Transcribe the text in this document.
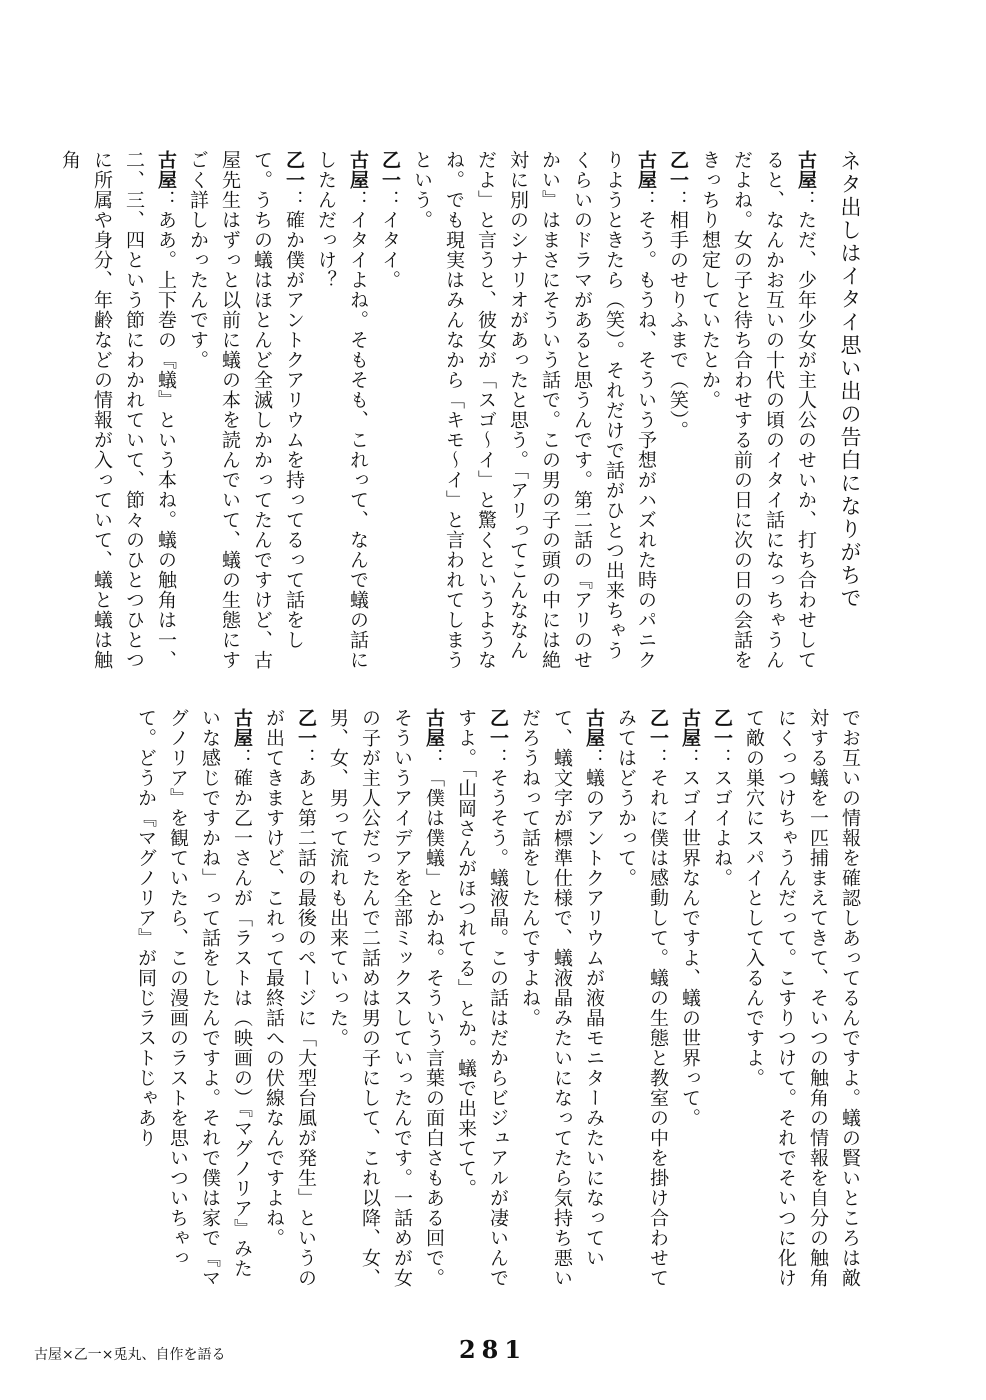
ネタ出しはイタイ思い出の告白になりがちで
古屋：ただ、少年少女が主人公のせいか、打ち合わせしてると、なんかお互いの十代の頃のイタイ話になっちゃうんだよね。女の子と待ち合わせする前の日に次の日の会話をきっちり想定していたとか。
乙一：相手のせりふまで（笑）。
古屋：そう。もうね、そういう予想がハズれた時のパニクりようときたら（笑）。それだけで話がひとつ出来ちゃうくらいのドラマがあると思うんです。第二話の『アリのせかい』はまさにそういう話で。この男の子の頭の中には絶対に別のシナリオがあったと思う。「アリってこんななんだよ」と言うと、彼女が「スゴ～イ」と驚くというようなね。でも現実はみんなから「キモ～イ」と言われてしまうという。
乙一：イタイ。
古屋：イタイよね。そもそも、これって、なんで蟻の話にしたんだっけ？
乙一：確か僕がアントクアリウムを持ってるって話をして。うちの蟻はほとんど全滅しかかってたんですけど、古屋先生はずっと以前に蟻の本を読んでいて、蟻の生態にすごく詳しかったんです。
古屋：ああ。上下巻の『蟻』という本ね。蟻の触角は一、二、三、四という節にわかれていて、節々のひとつひとつに所属や身分、年齢などの情報が入っていて、蟻と蟻は触角
でお互いの情報を確認しあってるんですよ。蟻の賢いところは敵対する蟻を一匹捕まえてきて、そいつの触角の情報を自分の触角にくっつけちゃうんだって。こすりつけて。それでそいつに化けて敵の巣穴にスパイとして入るんですよ。
乙一：スゴイよね。
古屋：スゴイ世界なんですよ、蟻の世界って。
乙一：それに僕は感動して。蟻の生態と教室の中を掛け合わせてみてはどうかって。
古屋：蟻のアントクアリウムが液晶モニターみたいになっていて、蟻文字が標準仕様で、蟻液晶みたいになってたら気持ち悪いだろうねって話をしたんですよね。
乙一：そうそう。蟻液晶。この話はだからビジュアルが凄いんですよ。「山岡さんがほつれてる」とか。蟻で出来てて。
古屋：「僕は僕蟻」とかね。そういう言葉の面白さもある回で。そういうアイデアを全部ミックスしていったんです。一話めが女の子が主人公だったんで二話めは男の子にして、これ以降、女、男、女、男って流れも出来ていった。
乙一：あと第二話の最後のページに「大型台風が発生」というのが出てきますけど、これって最終話への伏線なんですよね。
古屋：確か乙一さんが「ラストは（映画の）『マグノリア』みたいな感じですかね」って話をしたんですよ。それで僕は家で『マグノリア』を観ていたら、この漫画のラストを思いついちゃって。どうか『マグノリア』が同じラストじゃあり
古屋×乙一×兎丸、自作を語る	281
